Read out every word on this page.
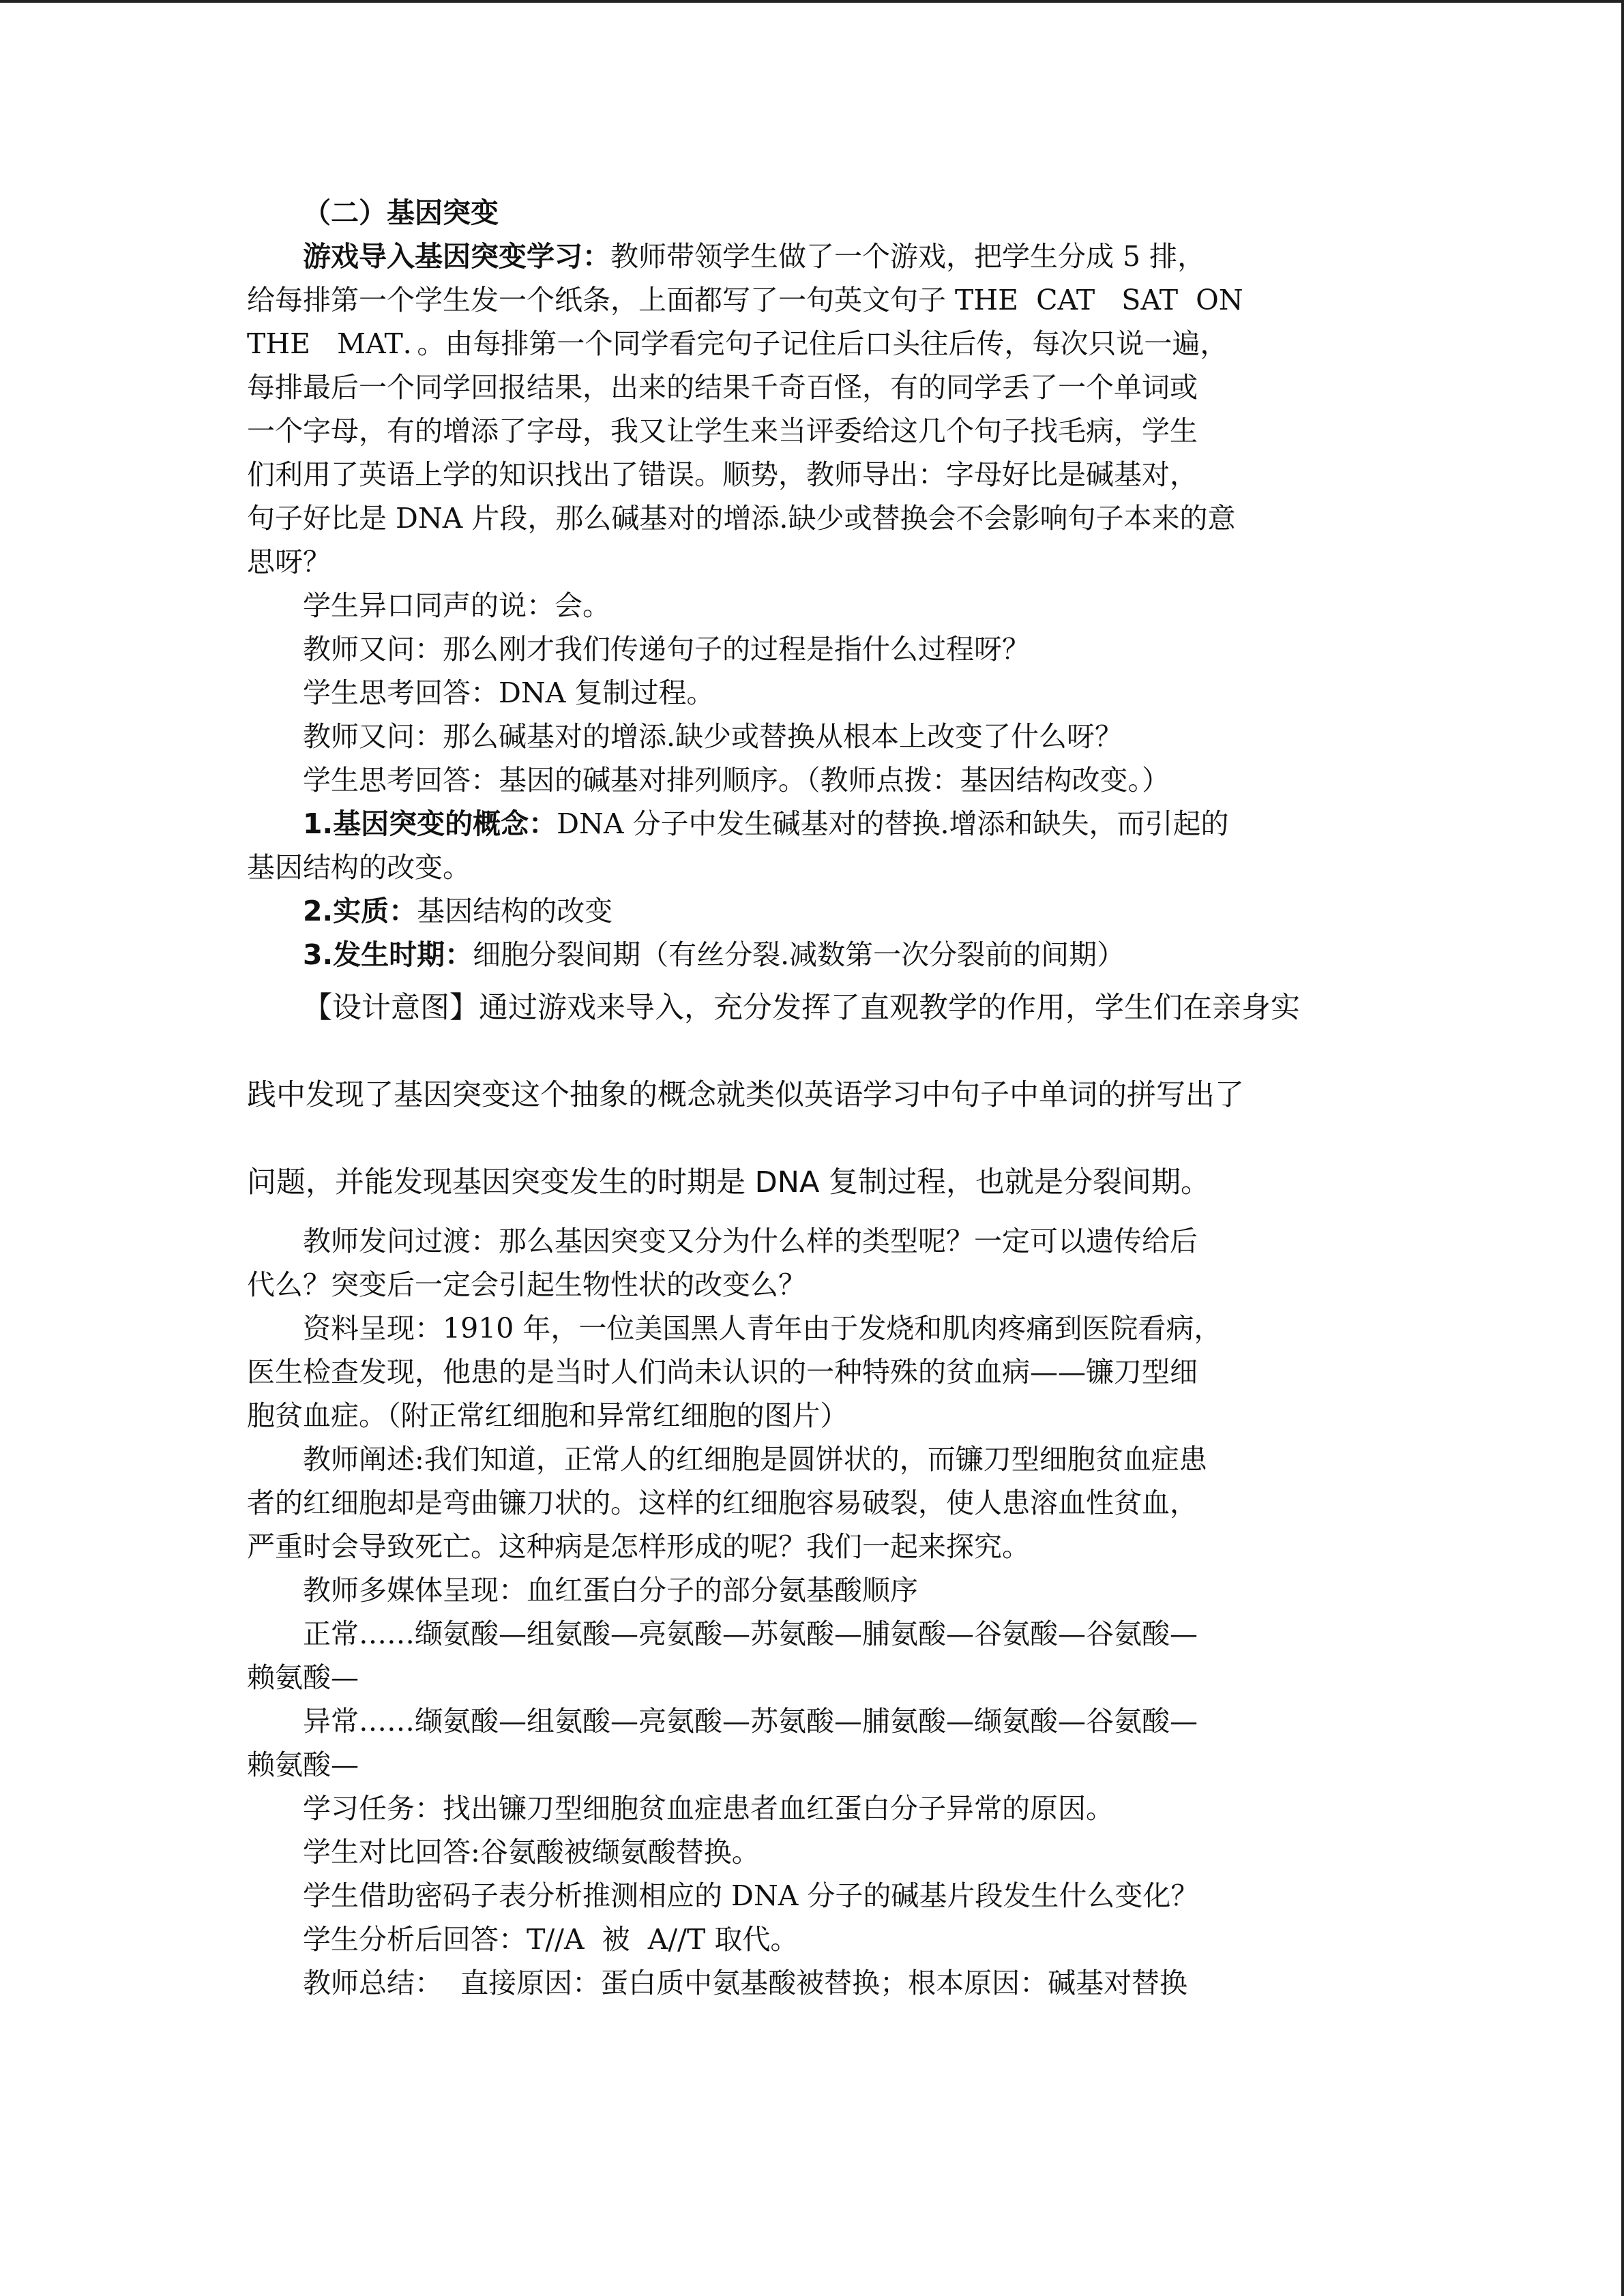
（二）基因突变

游戏导入基因突变学习：教师带领学生做了一个游戏，把学生分成 5 排，

给每排第一个学生发一个纸条，上面都写了一句英文句子 THE  CAT   SAT  ON

THE   MAT．。由每排第一个同学看完句子记住后口头往后传，每次只说一遍，

每排最后一个同学回报结果，出来的结果千奇百怪，有的同学丢了一个单词或

一个字母，有的增添了字母，我又让学生来当评委给这几个句子找毛病，学生

们利用了英语上学的知识找出了错误。顺势，教师导出：字母好比是碱基对，

句子好比是 DNA 片段，那么碱基对的增添.缺少或替换会不会影响句子本来的意

思呀？

学生异口同声的说：会。

教师又问：那么刚才我们传递句子的过程是指什么过程呀？

学生思考回答：DNA 复制过程。

教师又问：那么碱基对的增添.缺少或替换从根本上改变了什么呀？

学生思考回答：基因的碱基对排列顺序。（教师点拨：基因结构改变。）

1.基因突变的概念：DNA 分子中发生碱基对的替换.增添和缺失，而引起的

基因结构的改变。

2.实质：基因结构的改变

3.发生时期：细胞分裂间期（有丝分裂.减数第一次分裂前的间期）

【设计意图】通过游戏来导入，充分发挥了直观教学的作用，学生们在亲身实

践中发现了基因突变这个抽象的概念就类似英语学习中句子中单词的拼写出了

问题，并能发现基因突变发生的时期是 DNA 复制过程，也就是分裂间期。

教师发问过渡：那么基因突变又分为什么样的类型呢？一定可以遗传给后

代么？突变后一定会引起生物性状的改变么？

资料呈现：1910 年，一位美国黑人青年由于发烧和肌肉疼痛到医院看病，

医生检查发现，他患的是当时人们尚未认识的一种特殊的贫血病——镰刀型细

胞贫血症。（附正常红细胞和异常红细胞的图片）

教师阐述:我们知道，正常人的红细胞是圆饼状的，而镰刀型细胞贫血症患

者的红细胞却是弯曲镰刀状的。这样的红细胞容易破裂，使人患溶血性贫血，

严重时会导致死亡。这种病是怎样形成的呢？我们一起来探究。

教师多媒体呈现：血红蛋白分子的部分氨基酸顺序

正常……缬氨酸—组氨酸—亮氨酸—苏氨酸—脯氨酸—谷氨酸—谷氨酸—

赖氨酸—

异常……缬氨酸—组氨酸—亮氨酸—苏氨酸—脯氨酸—缬氨酸—谷氨酸—

赖氨酸—

学习任务：找出镰刀型细胞贫血症患者血红蛋白分子异常的原因。

学生对比回答:谷氨酸被缬氨酸替换。

学生借助密码子表分析推测相应的 DNA 分子的碱基片段发生什么变化？

学生分析后回答：T//A  被  A//T 取代。

教师总结：  直接原因：蛋白质中氨基酸被替换；根本原因：碱基对替换
